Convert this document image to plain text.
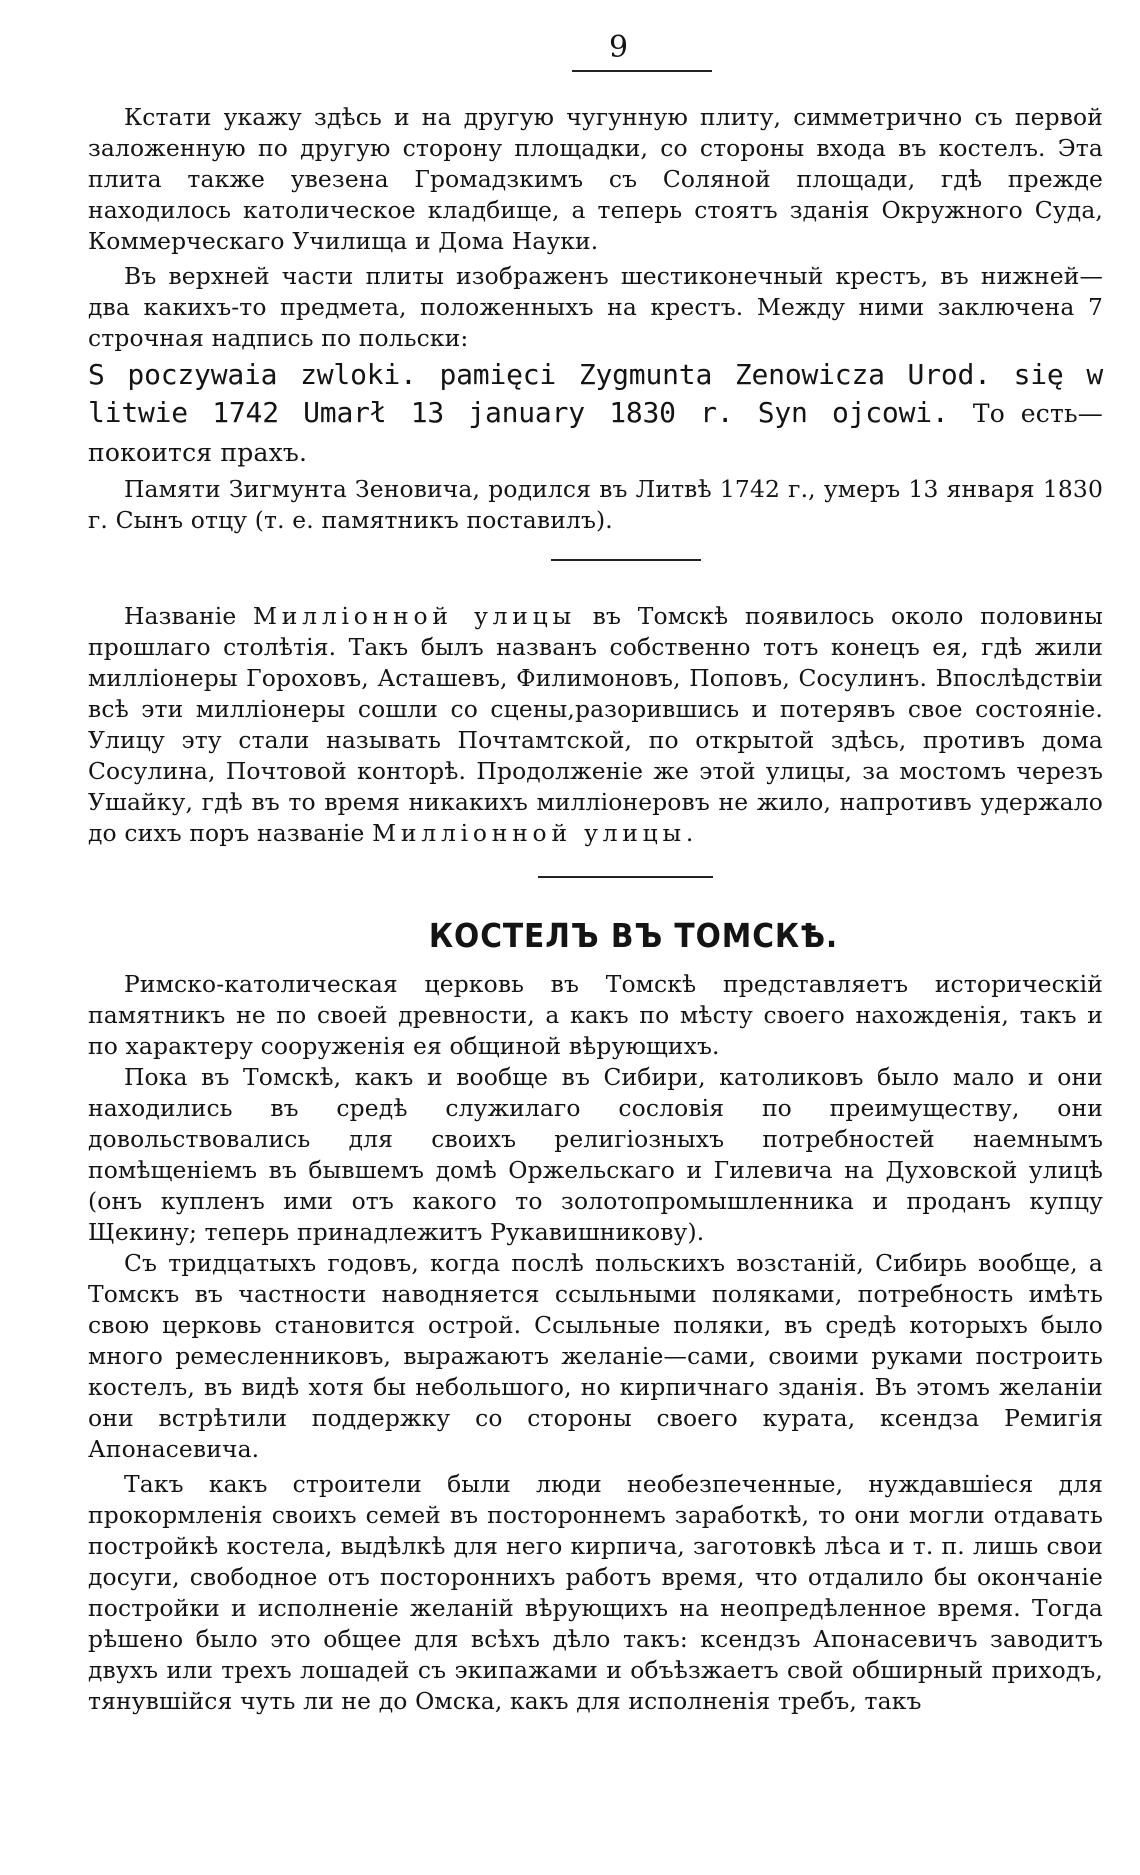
9

Кстати укажу здѣсь и на другую чугунную плиту, симметрично съ первой заложенную по другую сторону площадки, со стороны входа въ костелъ. Эта плита также увезена Громадзкимъ съ Соляной площади, гдѣ прежде находилось католическое кладбище, а теперь стоятъ зданія Окружного Суда, Коммерческаго Училища и Дома Науки.

Въ верхней части плиты изображенъ шестиконечный крестъ, въ нижней—два какихъ-то предмета, положенныхъ на крестъ. Между ними заключена 7 строчная надпись по польски:

S poczywaia zwloki. pamięci Zygmunta Zenowicza Urod. się w litwie 1742 Umarł 13 january 1830 r. Syn ojcowi. То есть—покоится прахъ.

Памяти Зигмунта Зеновича, родился въ Литвѣ 1742 г., умеръ 13 января 1830 г. Сынъ отцу (т. е. памятникъ поставилъ).

Названіе Миллiонной улицы въ Томскѣ появилось около половины прошлаго столѣтія. Такъ былъ названъ собственно тотъ конецъ ея, гдѣ жили милліонеры Гороховъ, Асташевъ, Филимоновъ, Поповъ, Сосулинъ. Впослѣдствіи всѣ эти милліонеры сошли со сцены,разорившись и потерявъ свое состояніе. Улицу эту стали называть Почтамтской, по открытой здѣсь, противъ дома Сосулина, Почтовой конторѣ. Продолженіе же этой улицы, за мостомъ черезъ Ушайку, гдѣ въ то время никакихъ милліонеровъ не жило, напротивъ удержало до сихъ поръ названіе Миллiонной улицы.

КОСТЕЛЪ ВЪ ТОМСКѢ.

Римско-католическая церковь въ Томскѣ представляетъ историческій памятникъ не по своей древности, а какъ по мѣсту своего нахожденія, такъ и по характеру сооруженія ея общиной вѣрующихъ.

Пока въ Томскѣ, какъ и вообще въ Сибири, католиковъ было мало и они находились въ средѣ служилаго сословія по преимуществу, они довольствовались для своихъ религіозныхъ потребностей наемнымъ помѣщеніемъ въ бывшемъ домѣ Оржельскаго и Гилевича на Духовской улицѣ (онъ купленъ ими отъ какого то золотопромышленника и проданъ купцу Щекину; теперь принадлежитъ Рукавишникову).

Съ тридцатыхъ годовъ, когда послѣ польскихъ возстаній, Сибирь вообще, а Томскъ въ частности наводняется ссыльными поляками, потребность имѣть свою церковь становится острой. Ссыльные поляки, въ средѣ которыхъ было много ремесленниковъ, выражаютъ желаніе—сами, своими руками построить костелъ, въ видѣ хотя бы небольшого, но кирпичнаго зданія. Въ этомъ желаніи они встрѣтили поддержку со стороны своего курата, ксендза Ремигія Апонасевича.

Такъ какъ строители были люди необезпеченные, нуждавшiеся для прокормленія своихъ семей въ постороннемъ заработкѣ, то они могли отдавать постройкѣ костела, выдѣлкѣ для него кирпича, заготовкѣ лѣса и т. п. лишь свои досуги, свободное отъ постороннихъ работъ время, что отдалило бы окончаніе постройки и исполненіе желаній вѣрующихъ на неопредѣленное время. Тогда рѣшено было это общее для всѣхъ дѣло такъ: ксендзъ Апонасевичъ заводитъ двухъ или трехъ лошадей съ экипажами и объѣзжаетъ свой обширный приходъ, тянувшійся чуть ли не до Омска, какъ для исполненія требъ, такъ
